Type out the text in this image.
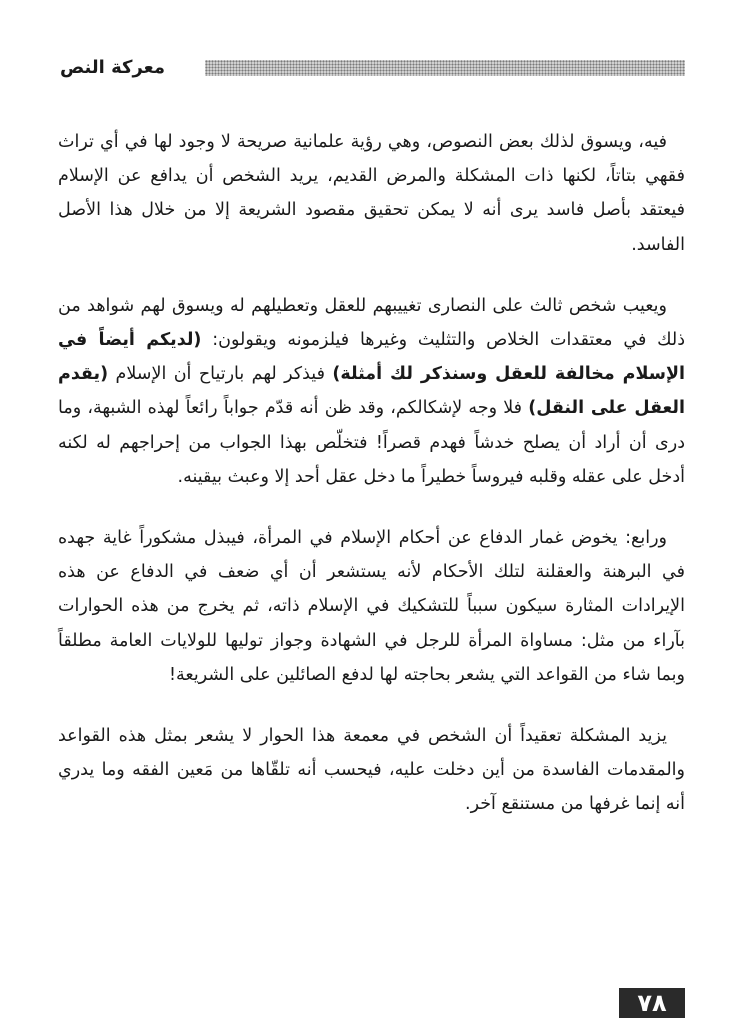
معركة النص

فيه، ويسوق لذلك بعض النصوص، وهي رؤية علمانية صريحة لا وجود لها في أي تراث فقهي بتاتاً، لكنها ذات المشكلة والمرض القديم، يريد الشخص أن يدافع عن الإسلام فيعتقد بأصل فاسد يرى أنه لا يمكن تحقيق مقصود الشريعة إلا من خلال هذا الأصل الفاسد.

ويعيب شخص ثالث على النصارى تغييبهم للعقل وتعطيلهم له ويسوق لهم شواهد من ذلك في معتقدات الخلاص والتثليث وغيرها فيلزمونه ويقولون: (لديكم أيضاً في الإسلام مخالفة للعقل وسنذكر لك أمثلة) فيذكر لهم بارتياح أن الإسلام (يقدم العقل على النقل) فلا وجه لإشكالكم، وقد ظن أنه قدّم جواباً رائعاً لهذه الشبهة، وما درى أن أراد أن يصلح خدشاً فهدم قصراً! فتخلّص بهذا الجواب من إحراجهم له لكنه أدخل على عقله وقلبه فيروساً خطيراً ما دخل عقل أحد إلا وعبث بيقينه.

ورابع: يخوض غمار الدفاع عن أحكام الإسلام في المرأة، فيبذل مشكوراً غاية جهده في البرهنة والعقلنة لتلك الأحكام لأنه يستشعر أن أي ضعف في الدفاع عن هذه الإيرادات المثارة سيكون سبباً للتشكيك في الإسلام ذاته، ثم يخرج من هذه الحوارات بآراء من مثل: مساواة المرأة للرجل في الشهادة وجواز توليها للولايات العامة مطلقاً وبما شاء من القواعد التي يشعر بحاجته لها لدفع الصائلين على الشريعة!

يزيد المشكلة تعقيداً أن الشخص في معمعة هذا الحوار لا يشعر بمثل هذه القواعد والمقدمات الفاسدة من أين دخلت عليه، فيحسب أنه تلقّاها من مَعين الفقه وما يدري أنه إنما غرفها من مستنقع آخر.

٧٨
